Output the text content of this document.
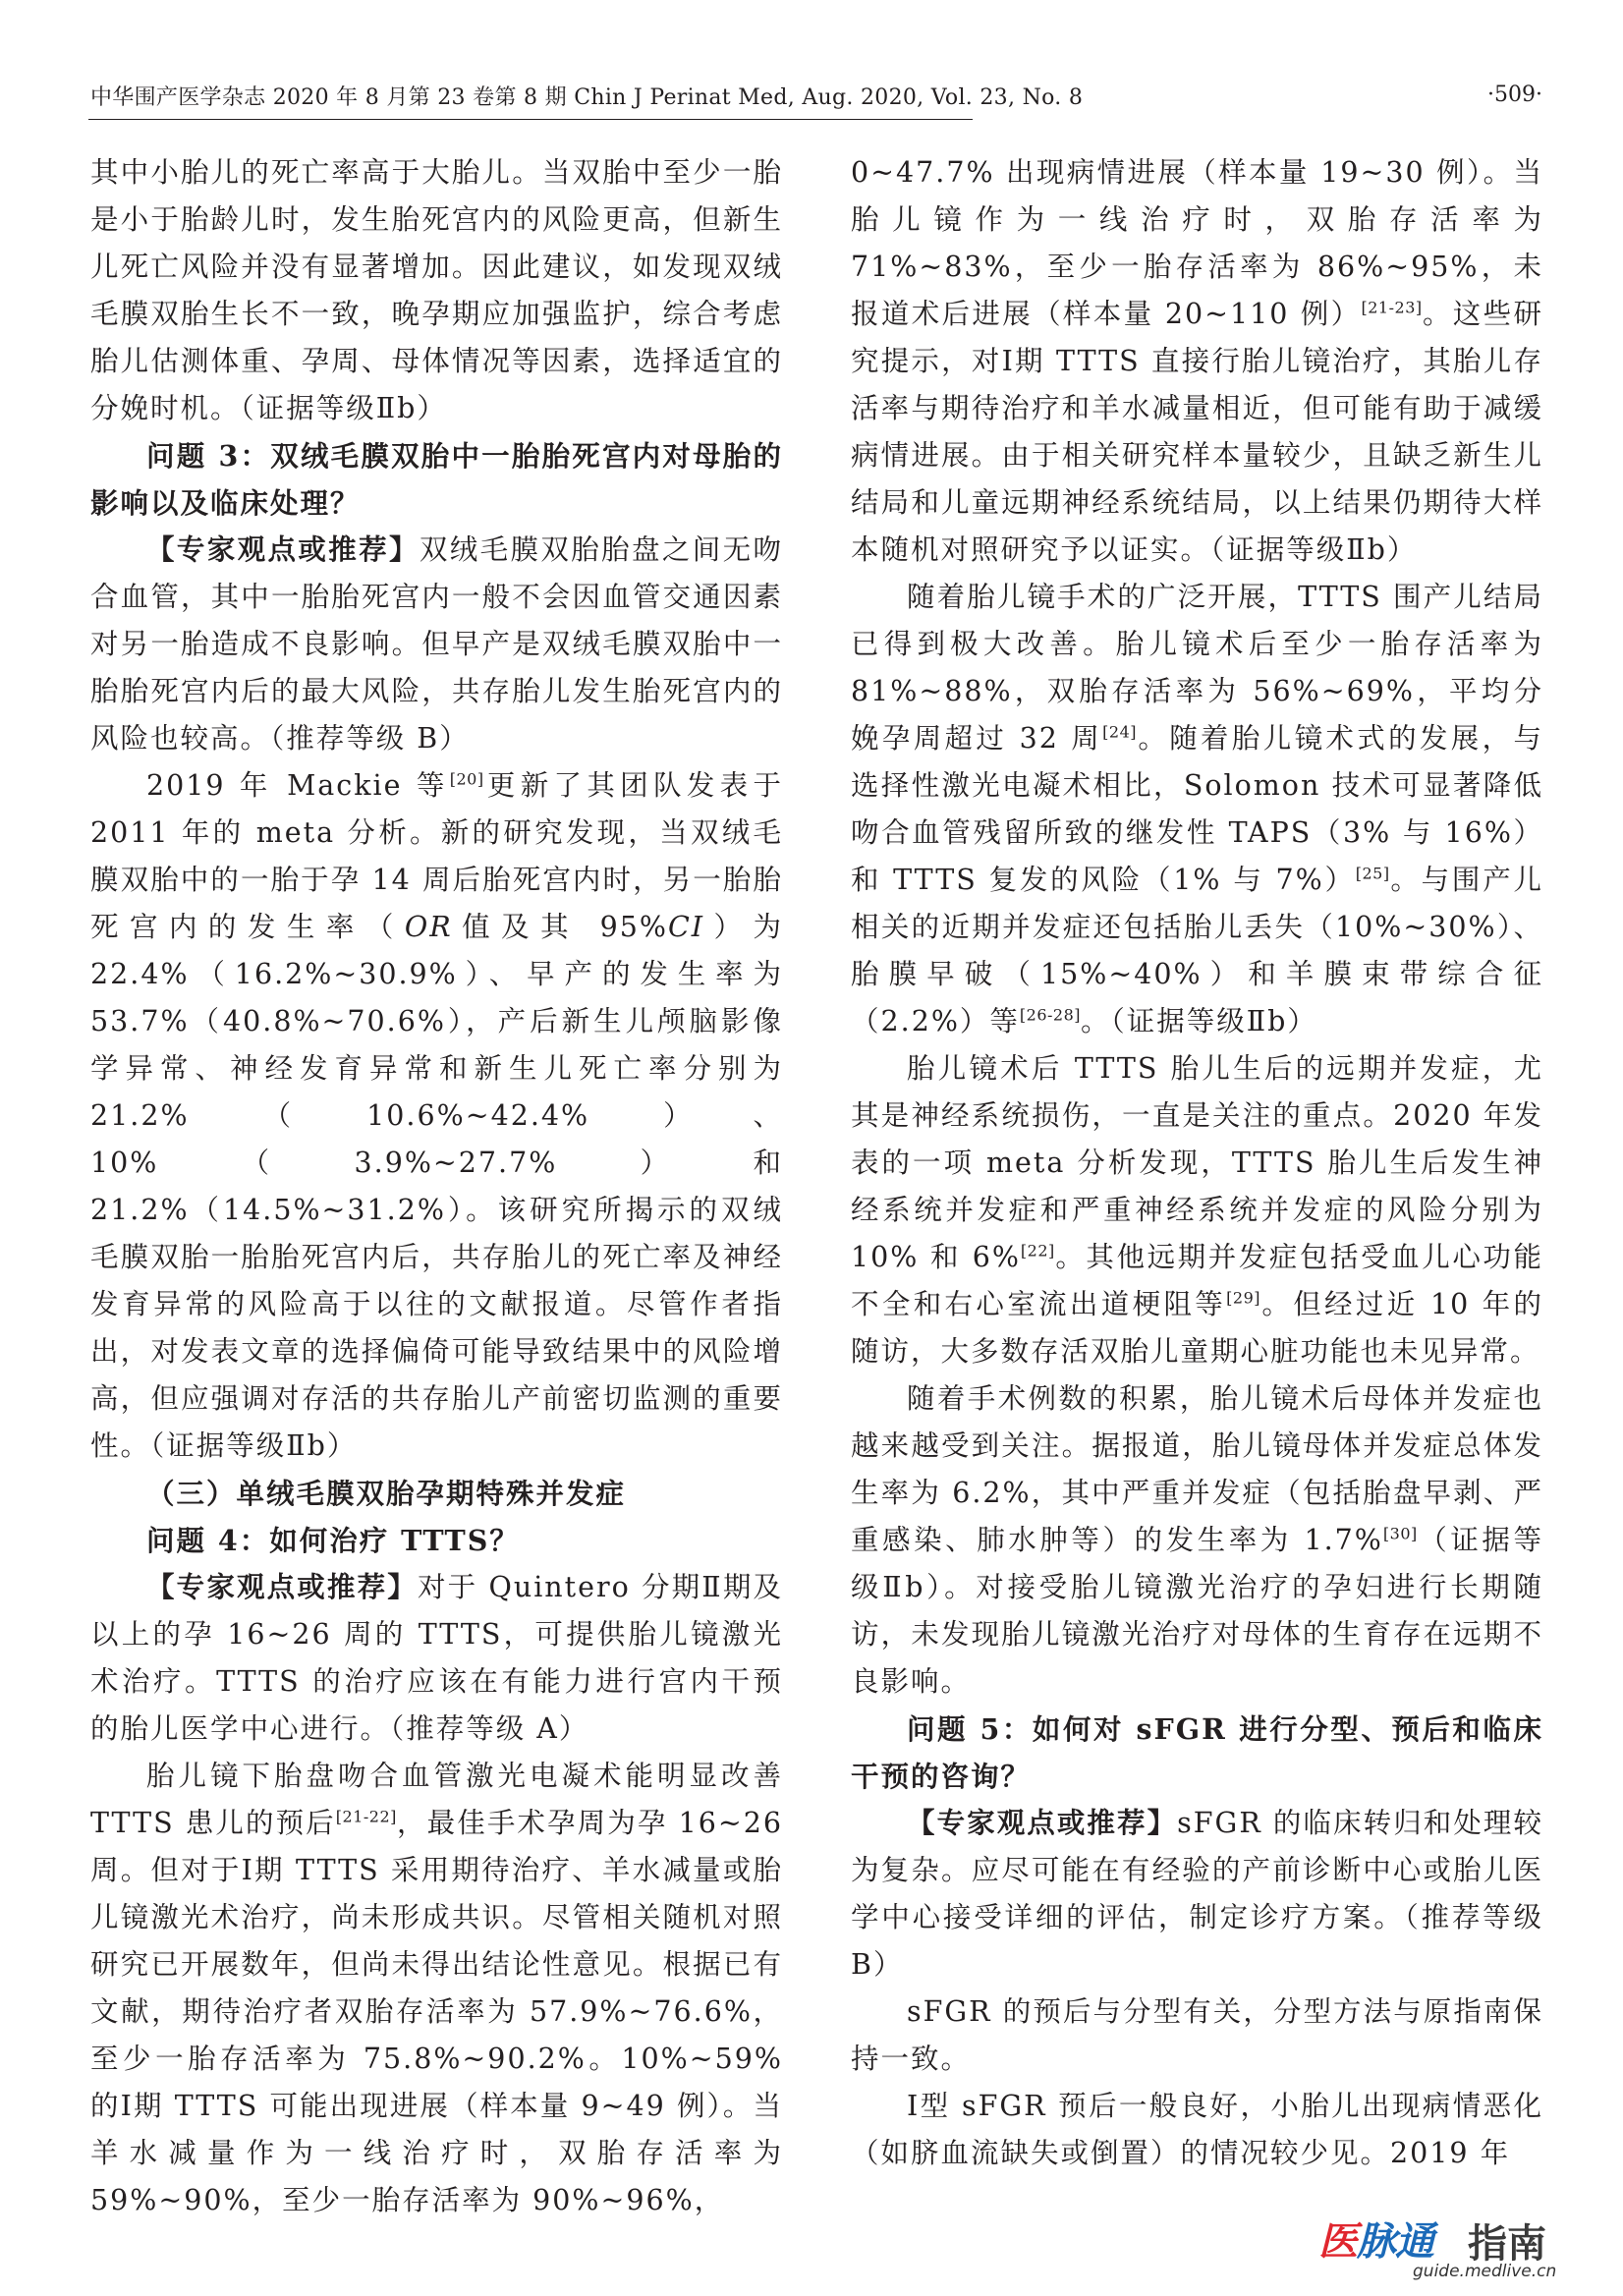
中华围产医学杂志 2020 年 8 月第 23 卷第 8 期 Chin J Perinat Med, Aug. 2020, Vol. 23, No. 8	·509·

其中小胎儿的死亡率高于大胎儿。当双胎中至少一胎是小于胎龄儿时，发生胎死宫内的风险更高，但新生儿死亡风险并没有显著增加。因此建议，如发现双绒毛膜双胎生长不一致，晚孕期应加强监护，综合考虑胎儿估测体重、孕周、母体情况等因素，选择适宜的分娩时机。（证据等级Ⅱb）

问题 3：双绒毛膜双胎中一胎胎死宫内对母胎的影响以及临床处理？

【专家观点或推荐】双绒毛膜双胎胎盘之间无吻合血管，其中一胎胎死宫内一般不会因血管交通因素对另一胎造成不良影响。但早产是双绒毛膜双胎中一胎胎死宫内后的最大风险，共存胎儿发生胎死宫内的风险也较高。（推荐等级 B）

2019 年 Mackie 等[20]更新了其团队发表于 2011 年的 meta 分析。新的研究发现，当双绒毛膜双胎中的一胎于孕 14 周后胎死宫内时，另一胎胎死宫内的发生率（OR值及其 95%CI）为 22.4%（16.2%~30.9%）、早产的发生率为 53.7%（40.8%~70.6%），产后新生儿颅脑影像学异常、神经发育异常和新生儿死亡率分别为 21.2%（10.6%~42.4%）、10%（3.9%~27.7%）和 21.2%（14.5%~31.2%）。该研究所揭示的双绒毛膜双胎一胎胎死宫内后，共存胎儿的死亡率及神经发育异常的风险高于以往的文献报道。尽管作者指出，对发表文章的选择偏倚可能导致结果中的风险增高，但应强调对存活的共存胎儿产前密切监测的重要性。（证据等级Ⅱb）

（三）单绒毛膜双胎孕期特殊并发症

问题 4：如何治疗 TTTS？

【专家观点或推荐】对于 Quintero 分期Ⅱ期及以上的孕 16~26 周的 TTTS，可提供胎儿镜激光术治疗。TTTS 的治疗应该在有能力进行宫内干预的胎儿医学中心进行。（推荐等级 A）

胎儿镜下胎盘吻合血管激光电凝术能明显改善 TTTS 患儿的预后[21-22]，最佳手术孕周为孕 16~26 周。但对于Ⅰ期 TTTS 采用期待治疗、羊水减量或胎儿镜激光术治疗，尚未形成共识。尽管相关随机对照研究已开展数年，但尚未得出结论性意见。根据已有文献，期待治疗者双胎存活率为 57.9%~76.6%，至少一胎存活率为 75.8%~90.2%。10%~59% 的Ⅰ期 TTTS 可能出现进展（样本量 9~49 例）。当羊水减量作为一线治疗时，双胎存活率为 59%~90%，至少一胎存活率为 90%~96%，

0~47.7% 出现病情进展（样本量 19~30 例）。当胎儿镜作为一线治疗时，双胎存活率为 71%~83%，至少一胎存活率为 86%~95%，未报道术后进展（样本量 20~110 例）[21-23]。这些研究提示，对Ⅰ期 TTTS 直接行胎儿镜治疗，其胎儿存活率与期待治疗和羊水减量相近，但可能有助于减缓病情进展。由于相关研究样本量较少，且缺乏新生儿结局和儿童远期神经系统结局，以上结果仍期待大样本随机对照研究予以证实。（证据等级Ⅱb）

随着胎儿镜手术的广泛开展，TTTS 围产儿结局已得到极大改善。胎儿镜术后至少一胎存活率为 81%~88%，双胎存活率为 56%~69%，平均分娩孕周超过 32 周[24]。随着胎儿镜术式的发展，与选择性激光电凝术相比，Solomon 技术可显著降低吻合血管残留所致的继发性 TAPS（3% 与 16%）和 TTTS 复发的风险（1% 与 7%）[25]。与围产儿相关的近期并发症还包括胎儿丢失（10%~30%）、胎膜早破（15%~40%）和羊膜束带综合征（2.2%）等[26-28]。（证据等级Ⅱb）

胎儿镜术后 TTTS 胎儿生后的远期并发症，尤其是神经系统损伤，一直是关注的重点。2020 年发表的一项 meta 分析发现，TTTS 胎儿生后发生神经系统并发症和严重神经系统并发症的风险分别为 10% 和 6%[22]。其他远期并发症包括受血儿心功能不全和右心室流出道梗阻等[29]。但经过近 10 年的随访，大多数存活双胎儿童期心脏功能也未见异常。

随着手术例数的积累，胎儿镜术后母体并发症也越来越受到关注。据报道，胎儿镜母体并发症总体发生率为 6.2%，其中严重并发症（包括胎盘早剥、严重感染、肺水肿等）的发生率为 1.7%[30]（证据等级Ⅱb）。对接受胎儿镜激光治疗的孕妇进行长期随访，未发现胎儿镜激光治疗对母体的生育存在远期不良影响。

问题 5：如何对 sFGR 进行分型、预后和临床干预的咨询？

【专家观点或推荐】sFGR 的临床转归和处理较为复杂。应尽可能在有经验的产前诊断中心或胎儿医学中心接受详细的评估，制定诊疗方案。（推荐等级 B）

sFGR 的预后与分型有关，分型方法与原指南保持一致。

Ⅰ型 sFGR 预后一般良好，小胎儿出现病情恶化（如脐血流缺失或倒置）的情况较少见。2019 年

医脉通 指南
guide.medlive.cn
